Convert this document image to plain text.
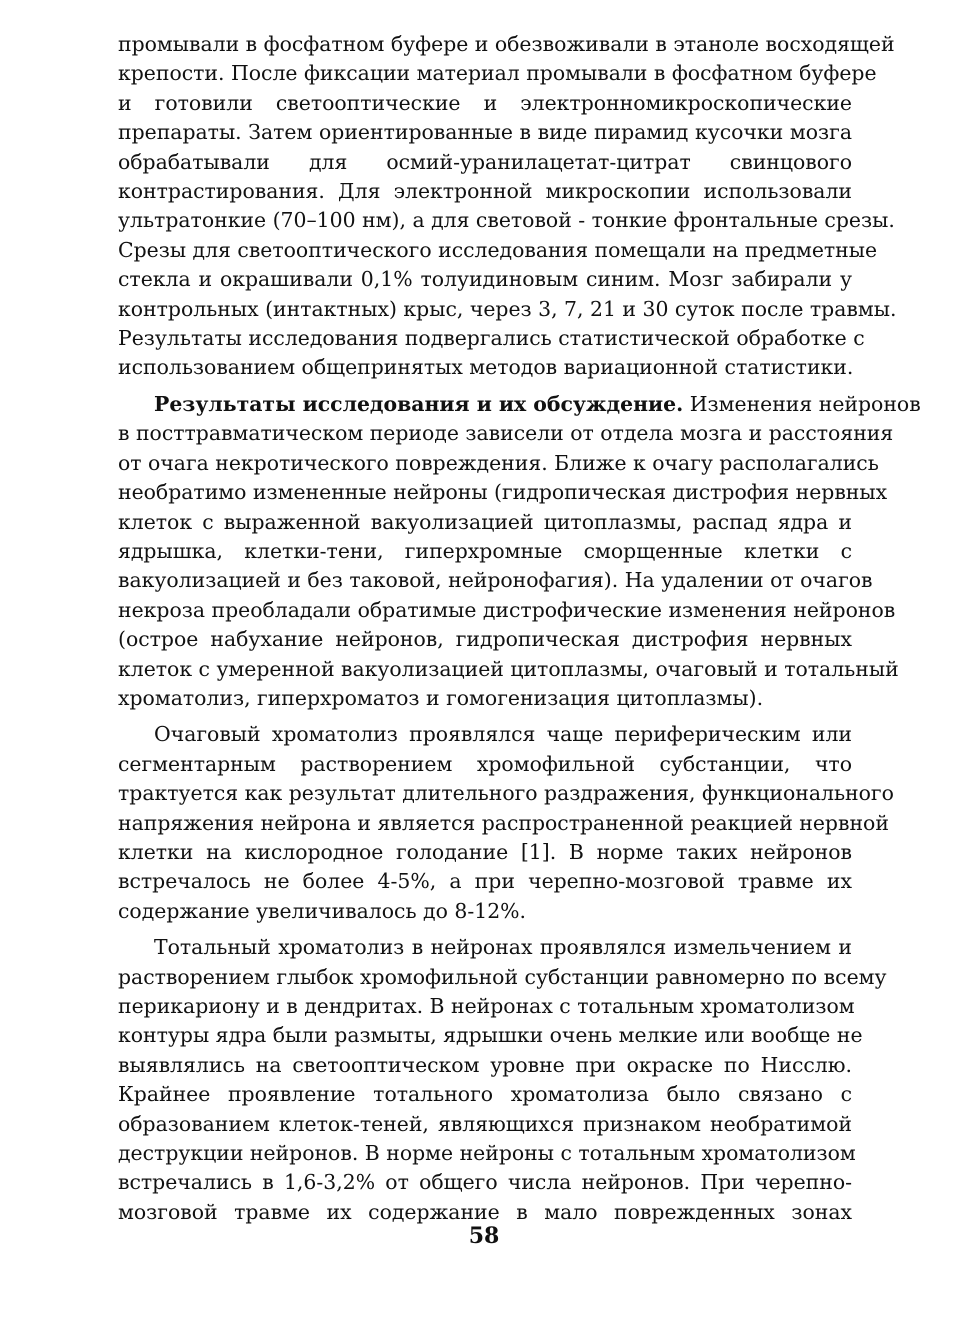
промывали в фосфатном буфере и обезвоживали в этаноле восходящей
крепости. После фиксации материал промывали в фосфатном буфере
и готовили светооптические и электронномикроскопические
препараты. Затем ориентированные в виде пирамид кусочки мозга
обрабатывали для осмий-уранилацетат-цитрат свинцового
контрастирования. Для электронной микроскопии использовали
ультратонкие (70–100 нм), а для световой - тонкие фронтальные срезы.
Срезы для светооптического исследования помещали на предметные
стекла и окрашивали 0,1% толуидиновым синим. Мозг забирали у
контрольных (интактных) крыс, через 3, 7, 21 и 30 суток после травмы.
Результаты исследования подвергались статистической обработке с
использованием общепринятых методов вариационной статистики.
Результаты исследования и их обсуждение. Изменения нейронов
в посттравматическом периоде зависели от отдела мозга и расстояния
от очага некротического повреждения. Ближе к очагу располагались
необратимо измененные нейроны (гидропическая дистрофия нервных
клеток с выраженной вакуолизацией цитоплазмы, распад ядра и
ядрышка, клетки-тени, гиперхромные сморщенные клетки с
вакуолизацией и без таковой, нейронофагия). На удалении от очагов
некроза преобладали обратимые дистрофические изменения нейронов
(острое набухание нейронов, гидропическая дистрофия нервных
клеток с умеренной вакуолизацией цитоплазмы, очаговый и тотальный
хроматолиз, гиперхроматоз и гомогенизация цитоплазмы).
Очаговый хроматолиз проявлялся чаще периферическим или
сегментарным растворением хромофильной субстанции, что
трактуется как результат длительного раздражения, функционального
напряжения нейрона и является распространенной реакцией нервной
клетки на кислородное голодание [1]. В норме таких нейронов
встречалось не более 4-5%, а при черепно-мозговой травме их
содержание увеличивалось до 8-12%.
Тотальный хроматолиз в нейронах проявлялся измельчением и
растворением глыбок хромофильной субстанции равномерно по всему
перикариону и в дендритах. В нейронах с тотальным хроматолизом
контуры ядра были размыты, ядрышки очень мелкие или вообще не
выявлялись на светооптическом уровне при окраске по Нисслю.
Крайнее проявление тотального хроматолиза было связано с
образованием клеток-теней, являющихся признаком необратимой
деструкции нейронов. В норме нейроны с тотальным хроматолизом
встречались в 1,6-3,2% от общего числа нейронов. При черепно-
мозговой травме их содержание в мало поврежденных зонах
58
